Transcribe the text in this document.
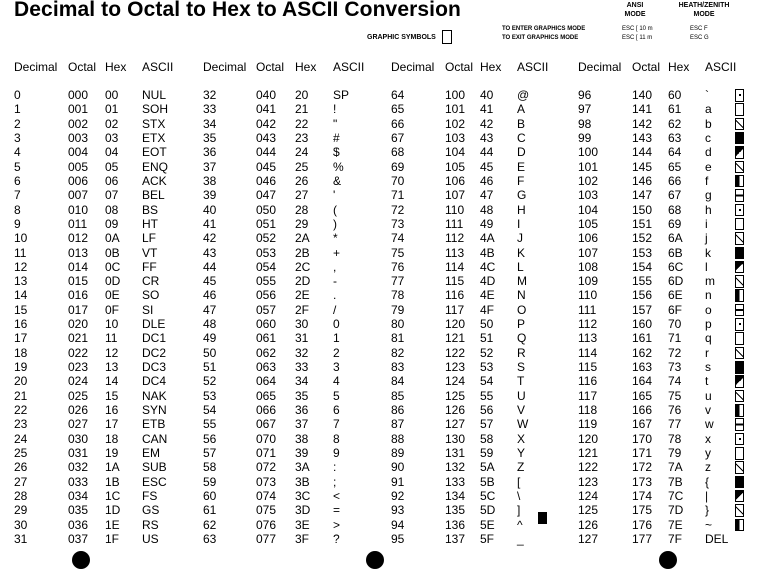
Decimal to Octal to Hex to ASCII Conversion
GRAPHIC SYMBOLS
TO ENTER GRAPHICS MODE
TO EXIT GRAPHICS MODE
ANSI
MODE
HEATH/ZENITH
MODE
ESC [ 10 m
ESC [ 11 m
ESC F
ESC G
Decimal Octal Hex ASCII
0	000 00 NUL
1	001 01 SOH
2	002 02 STX
3	003 03 ETX
4	004 04 EOT
5	005 05 ENQ
6	006 06 ACK
7	007 07 BEL
8	010 08 BS
9	011 09 HT
10	012 0A LF
11	013 0B VT
12	014 0C FF
13	015 0D CR
14	016 0E SO
15	017 0F SI
16	020 10 DLE
17	021 11 DC1
18	022 12 DC2
19	023 13 DC3
20	024 14 DC4
21	025 15 NAK
22	026 16 SYN
23	027 17 ETB
24	030 18 CAN
25	031 19 EM
26	032 1A SUB
27	033 1B ESC
28	034 1C FS
29	035 1D GS
30	036 1E RS
31	037 1F US
Decimal Octal Hex ASCII
32	040 20 SP
33	041 21 !
34	042 22 "
35	043 23 #
36	044 24 $
37	045 25 %
38	046 26 &
39	047 27 '
40	050 28 (
41	051 29 )
42	052 2A *
43	053 2B +
44	054 2C ,
45	055 2D -
46	056 2E .
47	057 2F /
48	060 30 0
49	061 31 1
50	062 32 2
51	063 33 3
52	064 34 4
53	065 35 5
54	066 36 6
55	067 37 7
56	070 38 8
57	071 39 9
58	072 3A :
59	073 3B ;
60	074 3C <
61	075 3D =
62	076 3E >
63	077 3F ?
Decimal Octal Hex ASCII
64	100 40 @
65	101 41 A
66	102 42 B
67	103 43 C
68	104 44 D
69	105 45 E
70	106 46 F
71	107 47 G
72	110 48 H
73	111 49 I
74	112 4A J
75	113 4B K
76	114 4C L
77	115 4D M
78	116 4E N
79	117 4F O
80	120 50 P
81	121 51 Q
82	122 52 R
83	123 53 S
84	124 54 T
85	125 55 U
86	126 56 V
87	127 57 W
88	130 58 X
89	131 59 Y
90	132 5A Z
91	133 5B [
92	134 5C \
93	135 5D ]
94	136 5E ^
95	137 5F _
Decimal Octal Hex ASCII
96	140 60 `
97	141 61 a
98	142 62 b
99	143 63 c
100	144 64 d
101	145 65 e
102	146 66 f
103	147 67 g
104	150 68 h
105	151 69 i
106	152 6A j
107	153 6B k
108	154 6C l
109	155 6D m
110	156 6E n
111	157 6F o
112	160 70 p
113	161 71 q
114	162 72 r
115	163 73 s
116	164 74 t
117	165 75 u
118	166 76 v
119	167 77 w
120	170 78 x
121	171 79 y
122	172 7A z
123	173 7B {
124	174 7C |
125	175 7D }
126	176 7E ~
127	177 7F DEL
